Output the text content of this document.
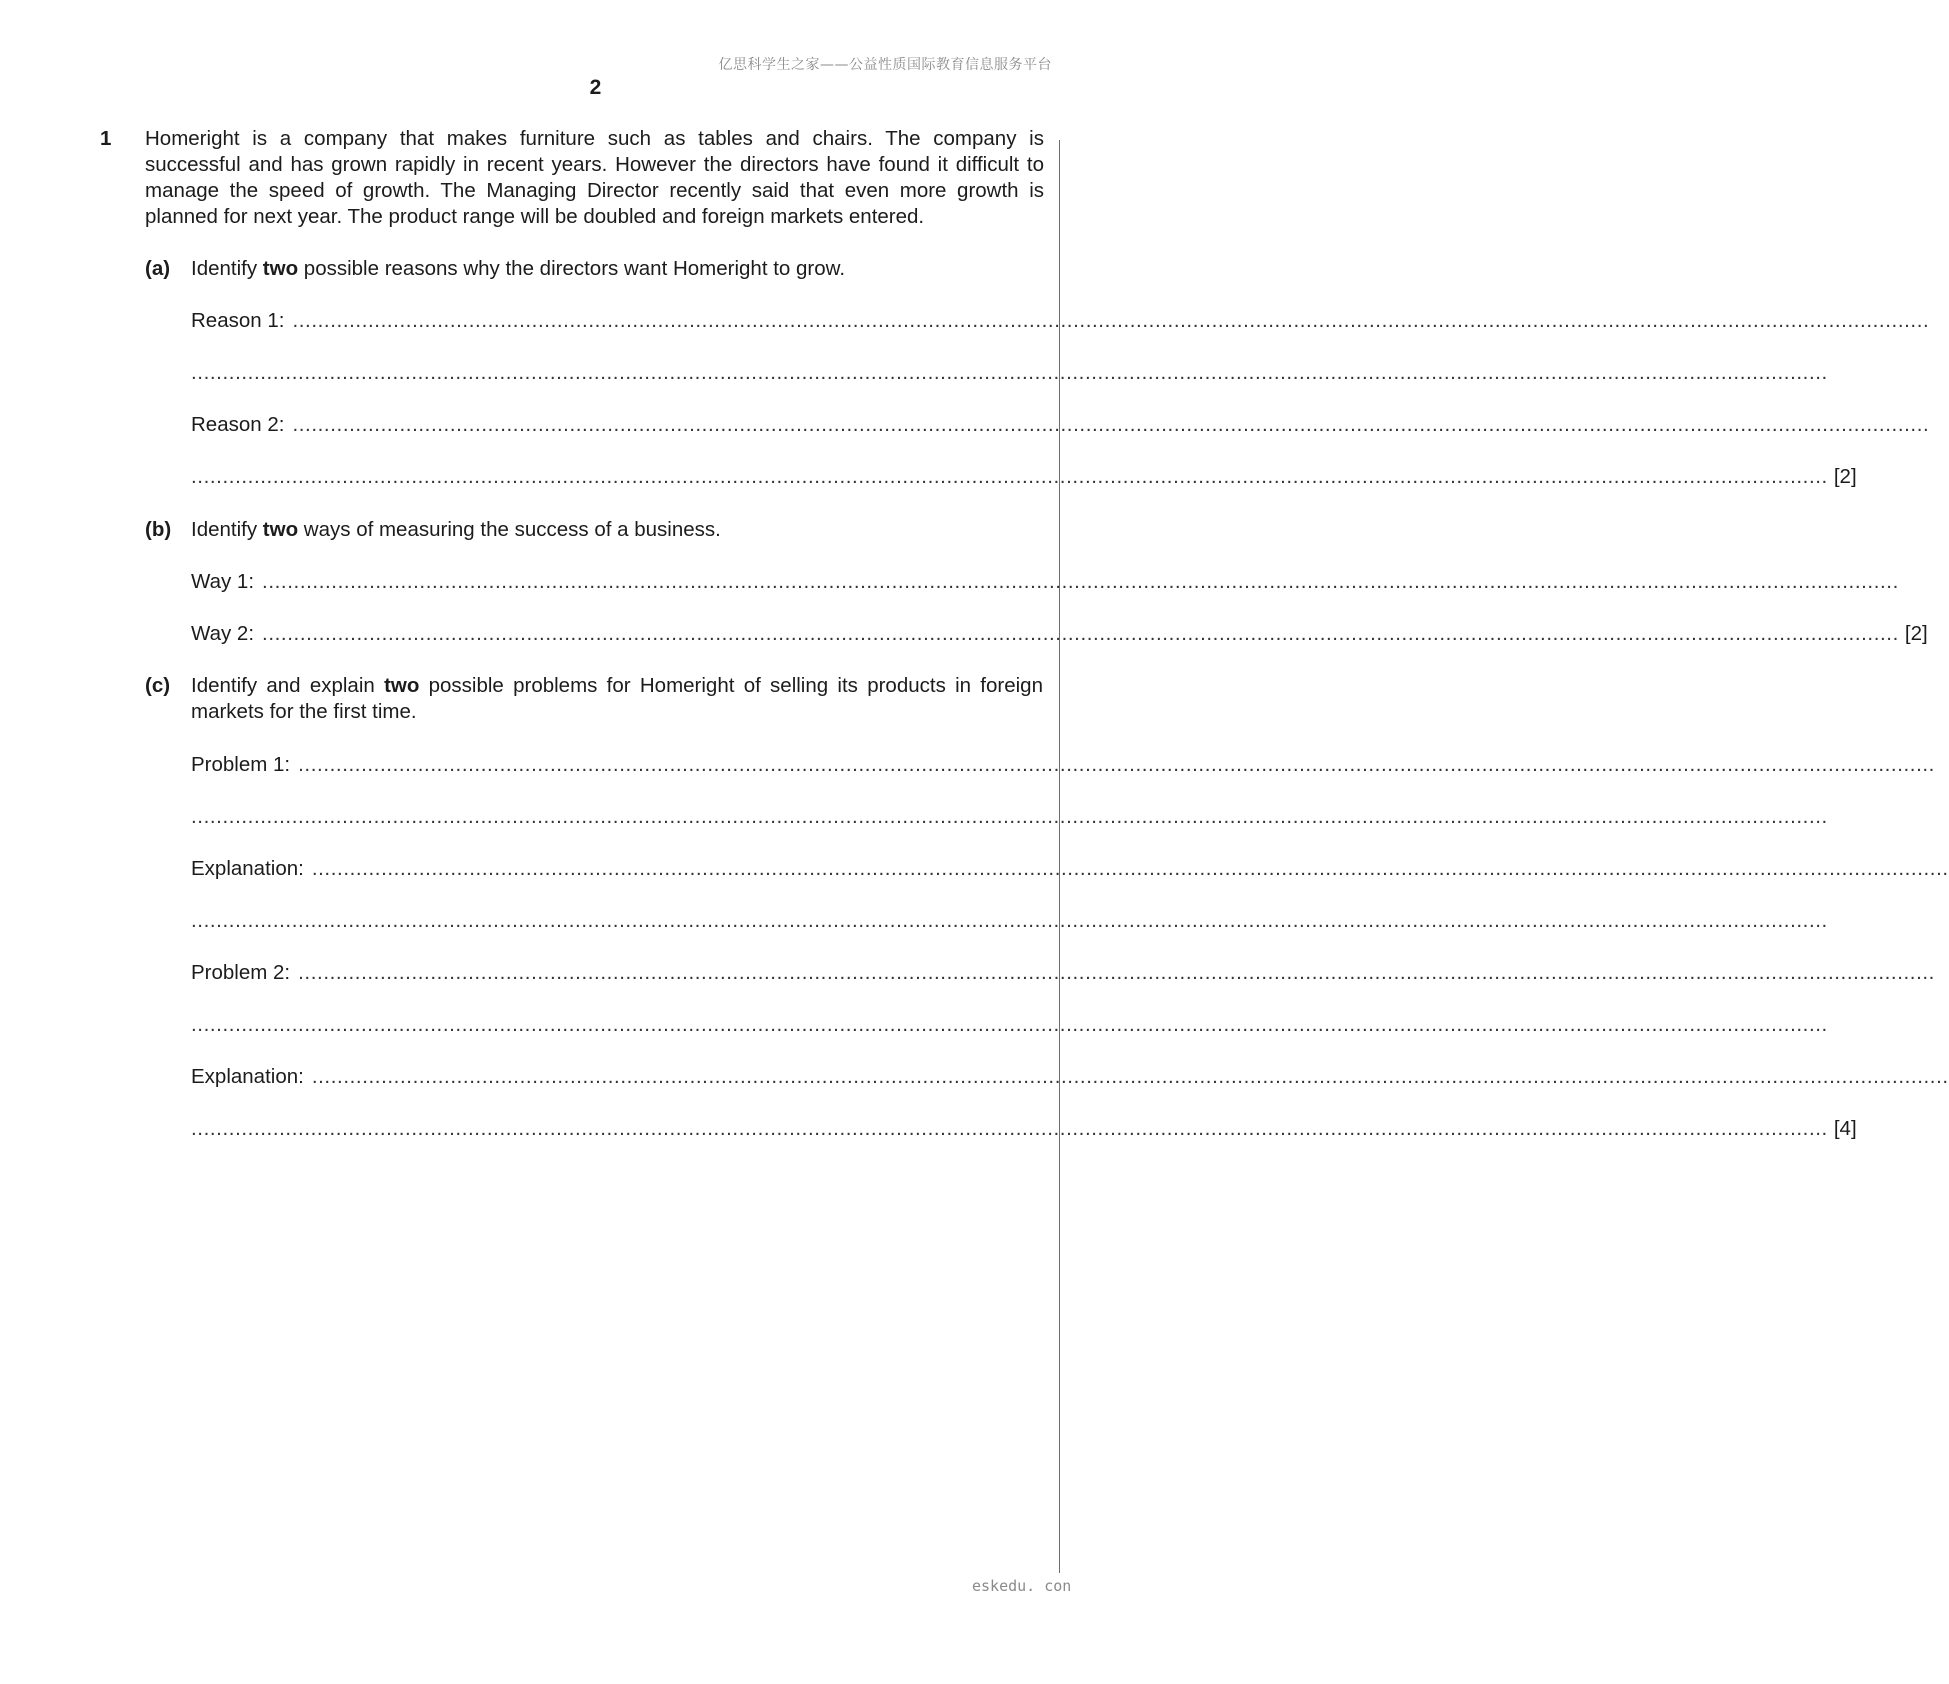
亿思科学生之家——公益性质国际教育信息服务平台
2
1 Homeright is a company that makes furniture such as tables and chairs. The company is successful and has grown rapidly in recent years. However the directors have found it difficult to manage the speed of growth. The Managing Director recently said that even more growth is planned for next year. The product range will be doubled and foreign markets entered.
(a) Identify two possible reasons why the directors want Homeright to grow.
Reason 1: ....................................................................................................................................................................................................................................................................
....................................................................................................................................................................................................................................................................
Reason 2: ....................................................................................................................................................................................................................................................................
.................................................................................................................................................................................................................................................................... [2]
(b) Identify two ways of measuring the success of a business.
Way 1: ....................................................................................................................................................................................................................................................................
Way 2: .................................................................................................................................................................................................................................................................... [2]
(c) Identify and explain two possible problems for Homeright of selling its products in foreign markets for the first time.
Problem 1: ....................................................................................................................................................................................................................................................................
....................................................................................................................................................................................................................................................................
Explanation: ....................................................................................................................................................................................................................................................................
....................................................................................................................................................................................................................................................................
Problem 2: ....................................................................................................................................................................................................................................................................
....................................................................................................................................................................................................................................................................
Explanation: ....................................................................................................................................................................................................................................................................
.................................................................................................................................................................................................................................................................... [4]
eskedu. con
